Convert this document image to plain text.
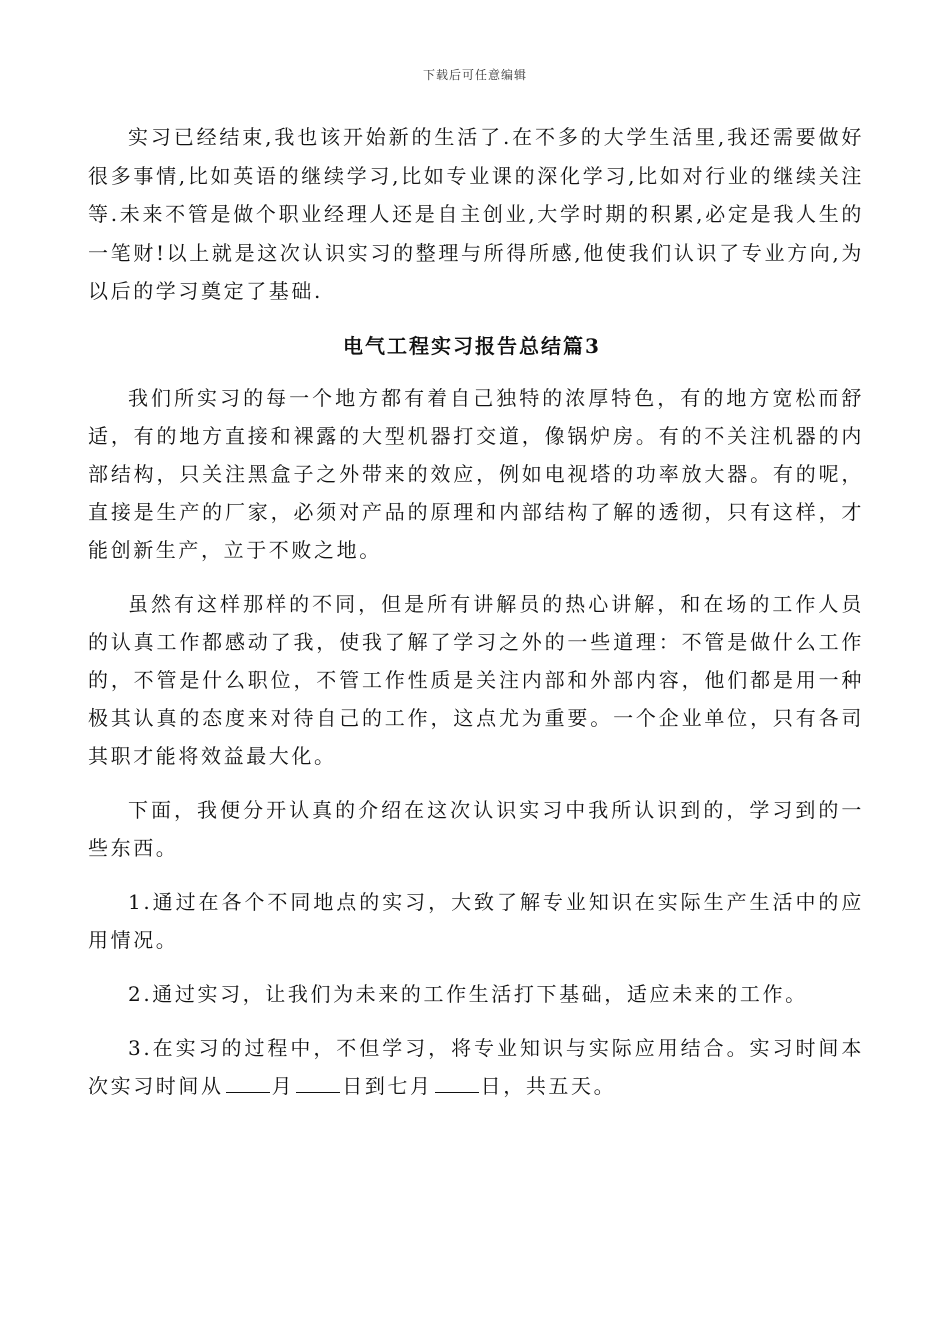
下载后可任意编辑

实习已经结束,我也该开始新的生活了.在不多的大学生活里,我还需要做好很多事情,比如英语的继续学习,比如专业课的深化学习,比如对行业的继续关注等.未来不管是做个职业经理人还是自主创业,大学时期的积累,必定是我人生的一笔财!以上就是这次认识实习的整理与所得所感,他使我们认识了专业方向,为以后的学习奠定了基础.

电气工程实习报告总结篇3

我们所实习的每一个地方都有着自己独特的浓厚特色，有的地方宽松而舒适，有的地方直接和裸露的大型机器打交道，像锅炉房。有的不关注机器的内部结构，只关注黑盒子之外带来的效应，例如电视塔的功率放大器。有的呢，直接是生产的厂家，必须对产品的原理和内部结构了解的透彻，只有这样，才能创新生产，立于不败之地。

虽然有这样那样的不同，但是所有讲解员的热心讲解，和在场的工作人员的认真工作都感动了我，使我了解了学习之外的一些道理：不管是做什么工作的，不管是什么职位，不管工作性质是关注内部和外部内容，他们都是用一种极其认真的态度来对待自己的工作，这点尤为重要。一个企业单位，只有各司其职才能将效益最大化。

下面，我便分开认真的介绍在这次认识实习中我所认识到的，学习到的一些东西。

1.通过在各个不同地点的实习，大致了解专业知识在实际生产生活中的应用情况。

2.通过实习，让我们为未来的工作生活打下基础，适应未来的工作。

3.在实习的过程中，不但学习，将专业知识与实际应用结合。实习时间本次实习时间从 月 日到七月 日，共五天。
